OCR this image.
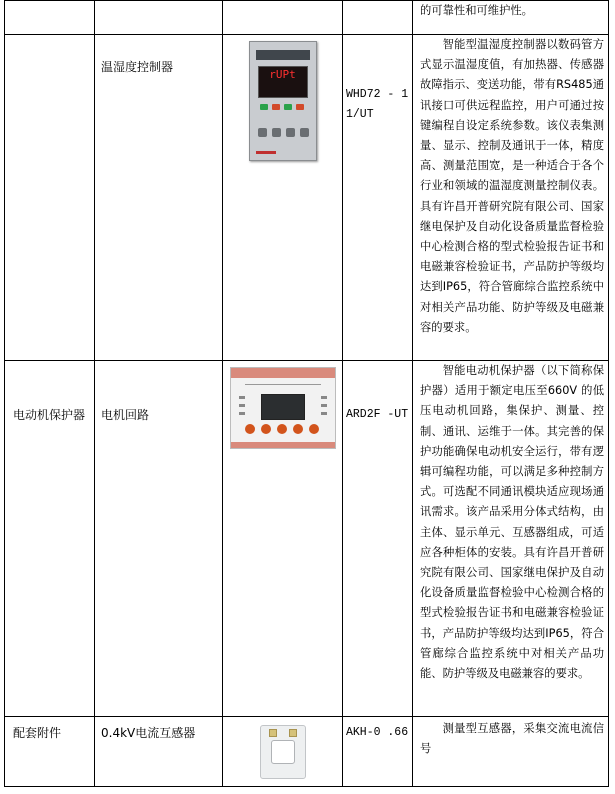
				的可靠性和可维护性。

	温湿度控制器	rUPt	WHD72 - 11/UT	智能型温湿度控制器以数码管方式显示温湿度值，有加热器、传感器故障指示、变送功能，带有RS485通讯接口可供远程监控，用户可通过按键编程自设定系统参数。该仪表集测量、显示、控制及通讯于一体，精度高、测量范围宽，是一种适合于各个行业和领域的温湿度测量控制仪表。具有许昌开普研究院有限公司、国家继电保护及自动化设备质量监督检验中心检测合格的型式检验报告证书和电磁兼容检验证书，产品防护等级均达到IP65，符合管廊综合监控系统中对相关产品功能、防护等级及电磁兼容的要求。

电动机保护器	电机回路		ARD2F -UT	智能电动机保护器（以下简称保护器）适用于额定电压至660V 的低压电动机回路，集保护、测量、控制、通讯、运维于一体。其完善的保护功能确保电动机安全运行，带有逻辑可编程功能，可以满足多种控制方式。可选配不同通讯模块适应现场通讯需求。该产品采用分体式结构，由主体、显示单元、互感器组成，可适应各种柜体的安装。具有许昌开普研究院有限公司、国家继电保护及自动化设备质量监督检验中心检测合格的型式检验报告证书和电磁兼容检验证书，产品防护等级均达到IP65，符合管廊综合监控系统中对相关产品功能、防护等级及电磁兼容的要求。

配套附件	0.4kV电流互感器		AKH-0 .66	测量型互感器，采集交流电流信号
